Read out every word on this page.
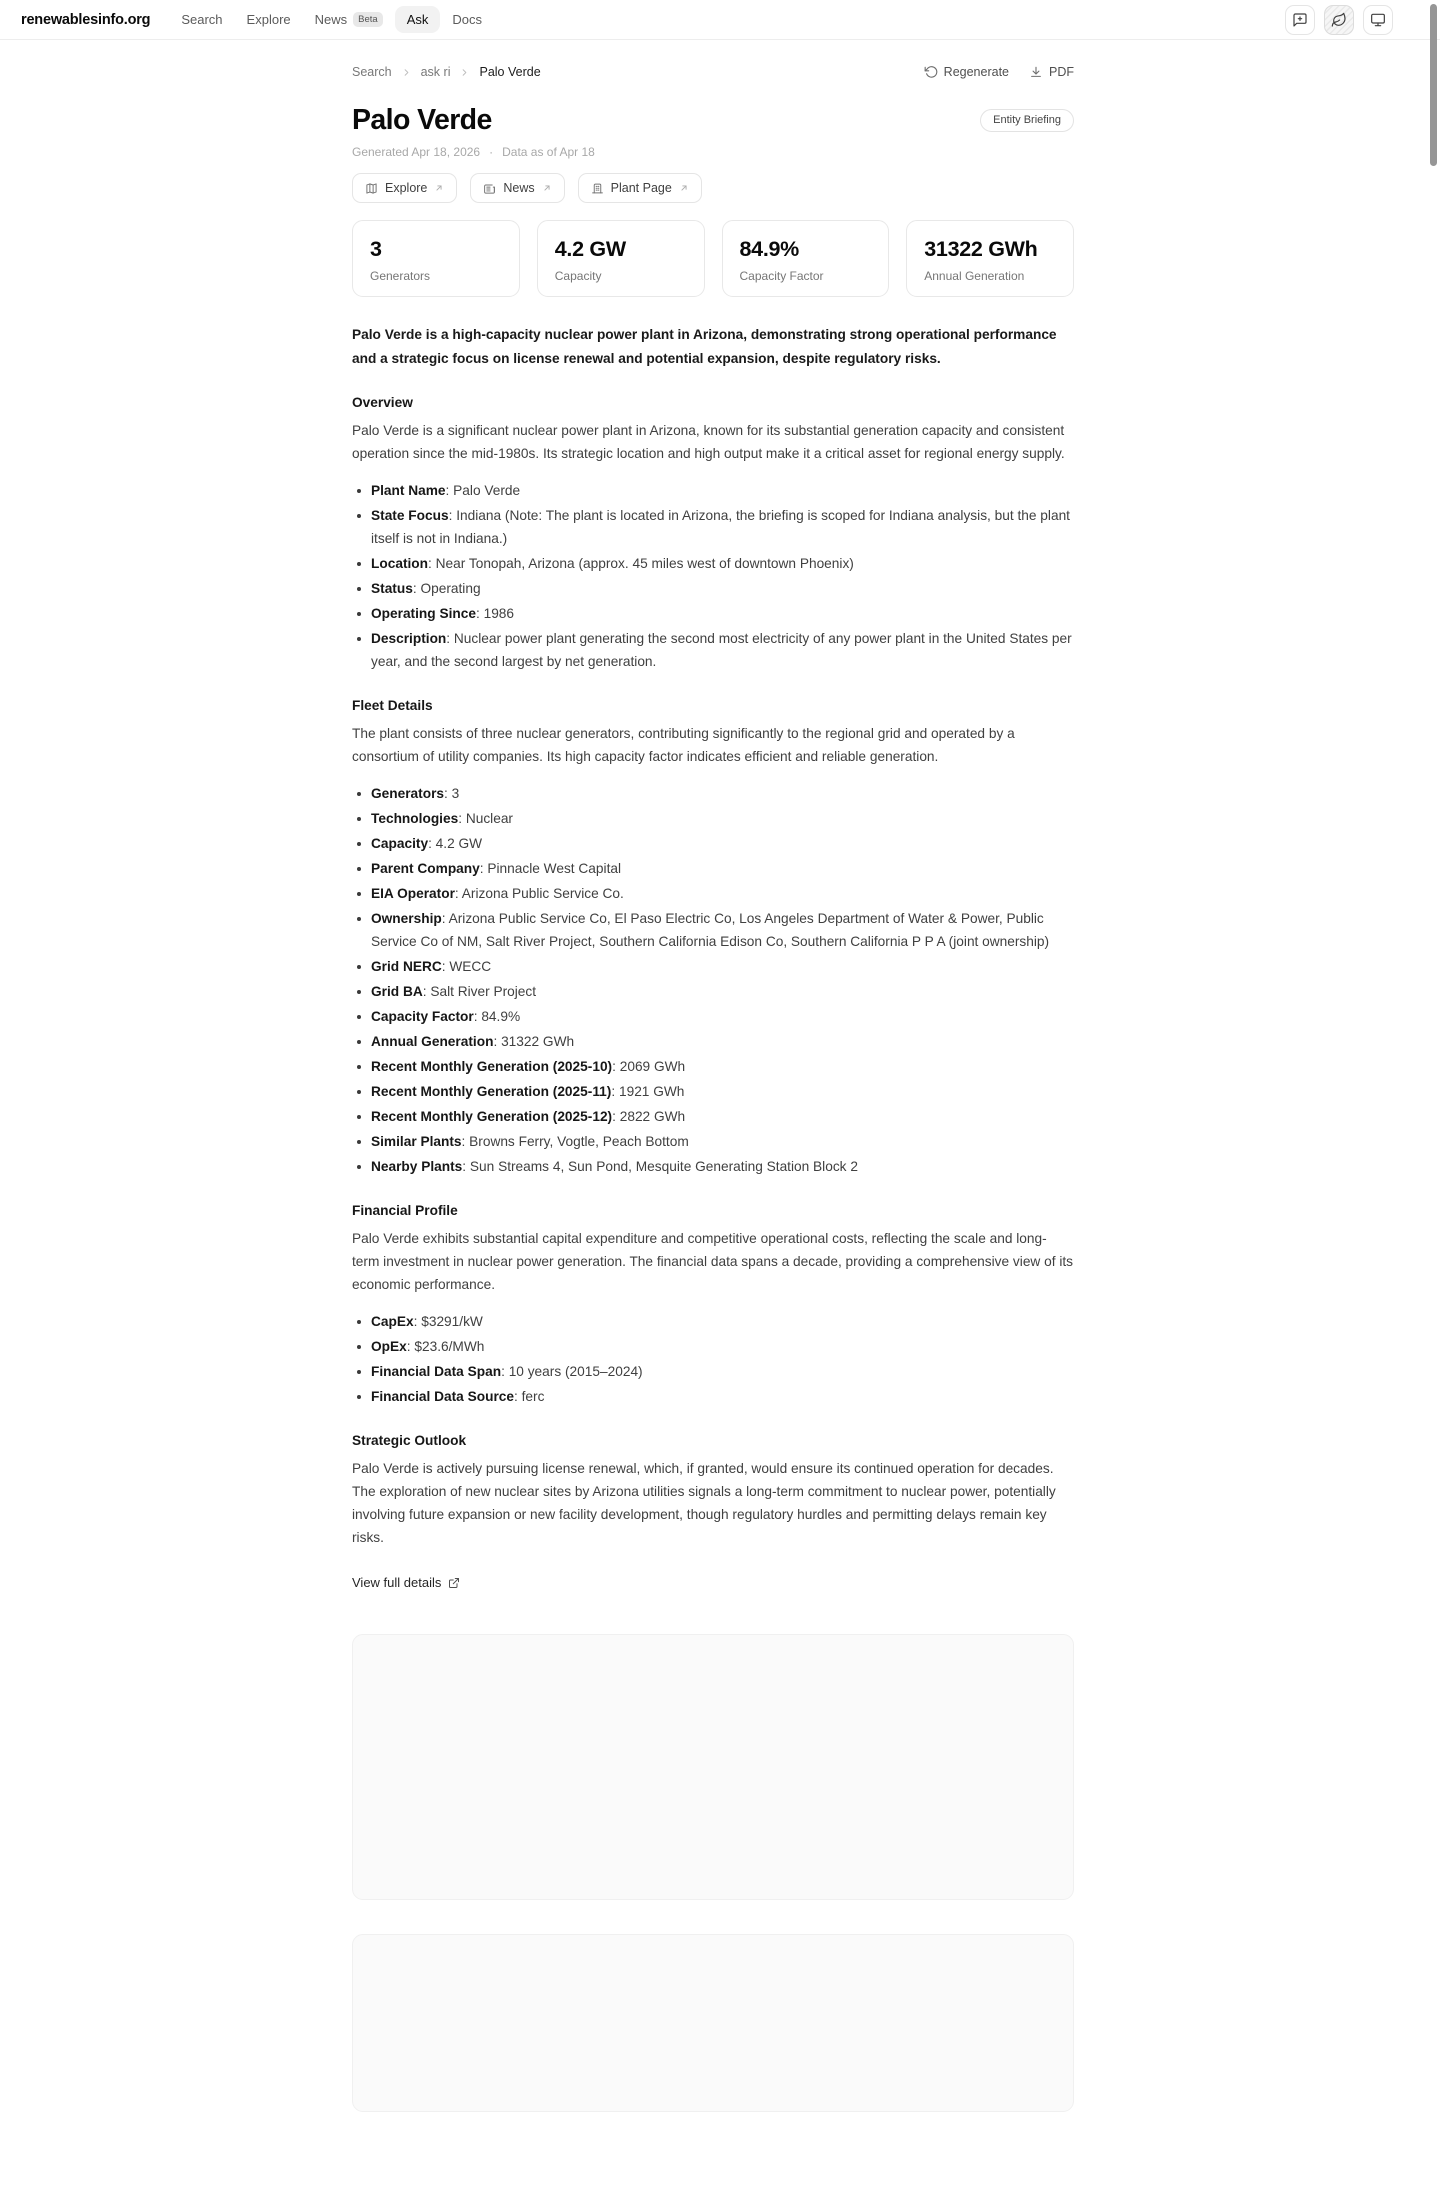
renewablesinfo.org Search Explore News	Beta	Ask Docs
Search ask ri Palo Verde	Regenerate	PDF
Palo Verde	Entity Briefing
Generated Apr 18, 2026 · Data as of Apr 18
Explore	News	Plant Page
3
Generators
4.2 GW
Capacity
84.9%
Capacity Factor
31322 GWh
Annual Generation

Palo Verde is a high-capacity nuclear power plant in Arizona, demonstrating strong operational performance and a strategic focus on license renewal and potential expansion, despite regulatory risks.

Overview

Palo Verde is a significant nuclear power plant in Arizona, known for its substantial generation capacity and consistent operation since the mid-1980s. Its strategic location and high output make it a critical asset for regional energy supply.

Plant Name : Palo Verde
State Focus : Indiana (Note: The plant is located in Arizona, the briefing is scoped for Indiana analysis, but the plant itself is not in Indiana.)
Location : Near Tonopah, Arizona (approx. 45 miles west of downtown Phoenix)
Status : Operating
Operating Since : 1986
Description : Nuclear power plant generating the second most electricity of any power plant in the United States per year, and the second largest by net generation.
Fleet Details

The plant consists of three nuclear generators, contributing significantly to the regional grid and operated by a consortium of utility companies. Its high capacity factor indicates efficient and reliable generation.

Generators : 3
Technologies : Nuclear
Capacity : 4.2 GW
Parent Company : Pinnacle West Capital
EIA Operator : Arizona Public Service Co.
Ownership : Arizona Public Service Co, El Paso Electric Co, Los Angeles Department of Water & Power, Public Service Co of NM, Salt River Project, Southern California Edison Co, Southern California P P A (joint ownership)
Grid NERC : WECC
Grid BA : Salt River Project
Capacity Factor : 84.9%
Annual Generation : 31322 GWh
Recent Monthly Generation (2025-10) : 2069 GWh
Recent Monthly Generation (2025-11) : 1921 GWh
Recent Monthly Generation (2025-12) : 2822 GWh
Similar Plants : Browns Ferry, Vogtle, Peach Bottom
Nearby Plants : Sun Streams 4, Sun Pond, Mesquite Generating Station Block 2
Financial Profile

Palo Verde exhibits substantial capital expenditure and competitive operational costs, reflecting the scale and long-term investment in nuclear power generation. The financial data spans a decade, providing a comprehensive view of its economic performance.

CapEx : $3291/kW
OpEx : $23.6/MWh
Financial Data Span : 10 years (2015–2024)
Financial Data Source : ferc
Strategic Outlook

Palo Verde is actively pursuing license renewal, which, if granted, would ensure its continued operation for decades. The exploration of new nuclear sites by Arizona utilities signals a long-term commitment to nuclear power, potentially involving future expansion or new facility development, though regulatory hurdles and permitting delays remain key risks.

View full details
